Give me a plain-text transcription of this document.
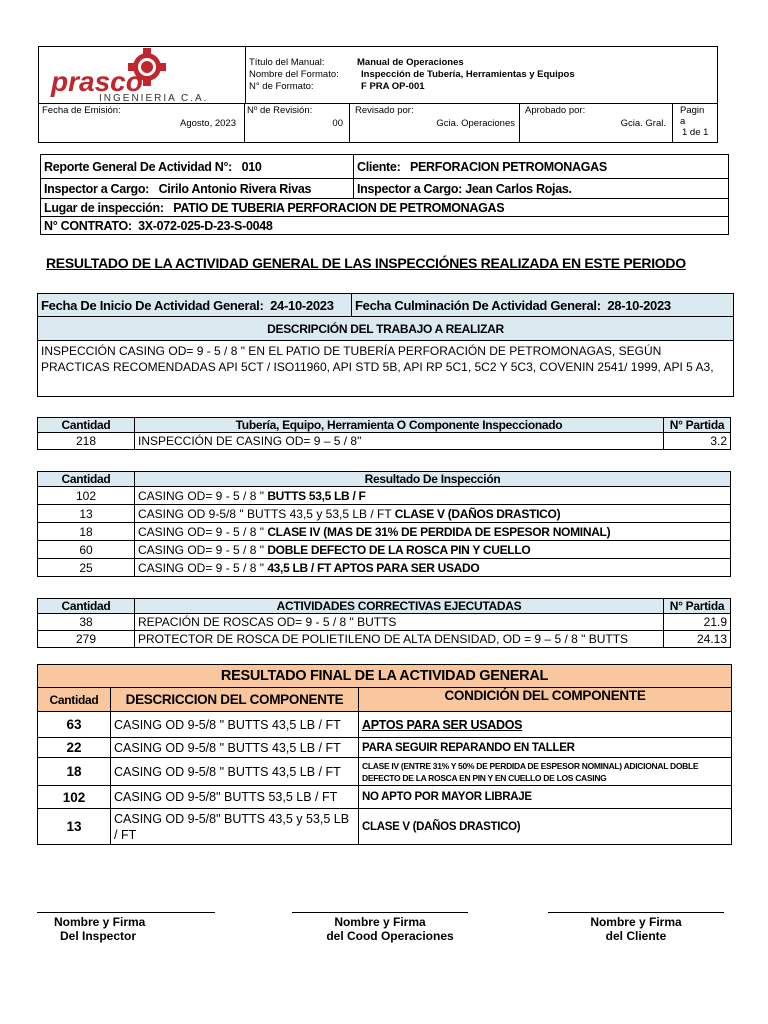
prasco
INGENIERIA C.A.
Título del Manual:	Manual de Operaciones
Nombre del Formato: Inspección de Tubería, Herramientas y Equipos
N° de Formato:	F PRA OP-001
Fecha de Emisión:
Agosto, 2023
Nº de Revisión:
00
Revisado por:
Gcia. Operaciones
Aprobado por:
Gcia. Gral.
Pagin
a
1 de 1
Reporte General De Actividad N°: 010	Cliente: PERFORACION PETROMONAGAS
Inspector a Cargo: Cirilo Antonio Rivera Rivas	Inspector a Cargo: Jean Carlos Rojas.
Lugar de inspección: PATIO DE TUBERIA PERFORACION DE PETROMONAGAS	
N° CONTRATO: 3X-072-025-D-23-S-0048	
RESULTADO DE LA ACTIVIDAD GENERAL DE LAS INSPECCIÓNES REALIZADA EN ESTE PERIODO
Fecha De Inicio De Actividad General: 24-10-2023	Fecha Culminación De Actividad General: 28-10-2023
DESCRIPCIÓN DEL TRABAJO A REALIZAR
INSPECCIÓN CASING OD= 9 - 5 / 8 " EN EL PATIO DE TUBERÍA PERFORACIÓN DE PETROMONAGAS, SEGÚN PRACTICAS RECOMENDADAS API 5CT / ISO11960, API STD 5B, API RP 5C1, 5C2 Y 5C3, COVENIN 2541/ 1999, API 5 A3,
Cantidad	Tubería, Equipo, Herramienta O Componente Inspeccionado	N° Partida
218	INSPECCIÓN DE CASING OD= 9 – 5 / 8"	3.2
Cantidad	Resultado De Inspección
102	CASING OD= 9 - 5 / 8 " BUTTS 53,5 LB / F
13	CASING OD 9-5/8 " BUTTS 43,5 y 53,5 LB / FT CLASE V (DAÑOS DRASTICO)
18	CASING OD= 9 - 5 / 8 " CLASE IV (MAS DE 31% DE PERDIDA DE ESPESOR NOMINAL)
60	CASING OD= 9 - 5 / 8 " DOBLE DEFECTO DE LA ROSCA PIN Y CUELLO
25	CASING OD= 9 - 5 / 8 " 43,5 LB / FT APTOS PARA SER USADO
Cantidad	ACTIVIDADES CORRECTIVAS EJECUTADAS	N° Partida
38	REPACIÓN DE ROSCAS OD= 9 - 5 / 8 " BUTTS	21.9
279	PROTECTOR DE ROSCA DE POLIETILENO DE ALTA DENSIDAD, OD = 9 – 5 / 8 " BUTTS	24.13
RESULTADO FINAL DE LA ACTIVIDAD GENERAL		
Cantidad	DESCRICCION DEL COMPONENTE	CONDICIÓN DEL COMPONENTE
63	CASING OD 9-5/8 " BUTTS 43,5 LB / FT	APTOS PARA SER USADOS
22	CASING OD 9-5/8 " BUTTS 43,5 LB / FT	PARA SEGUIR REPARANDO EN TALLER
18	CASING OD 9-5/8 " BUTTS 43,5 LB / FT	CLASE IV (ENTRE 31% Y 50% DE PERDIDA DE ESPESOR NOMINAL) ADICIONAL DOBLE DEFECTO DE LA ROSCA EN PIN Y EN CUELLO DE LOS CASING
102	CASING OD 9-5/8" BUTTS 53,5 LB / FT	NO APTO POR MAYOR LIBRAJE
13	CASING OD 9-5/8" BUTTS 43,5 y 53,5 LB / FT	CLASE V (DAÑOS DRASTICO)
Nombre y Firma
Del Inspector
Nombre y Firma
del Cood Operaciones
Nombre y Firma
del Cliente
